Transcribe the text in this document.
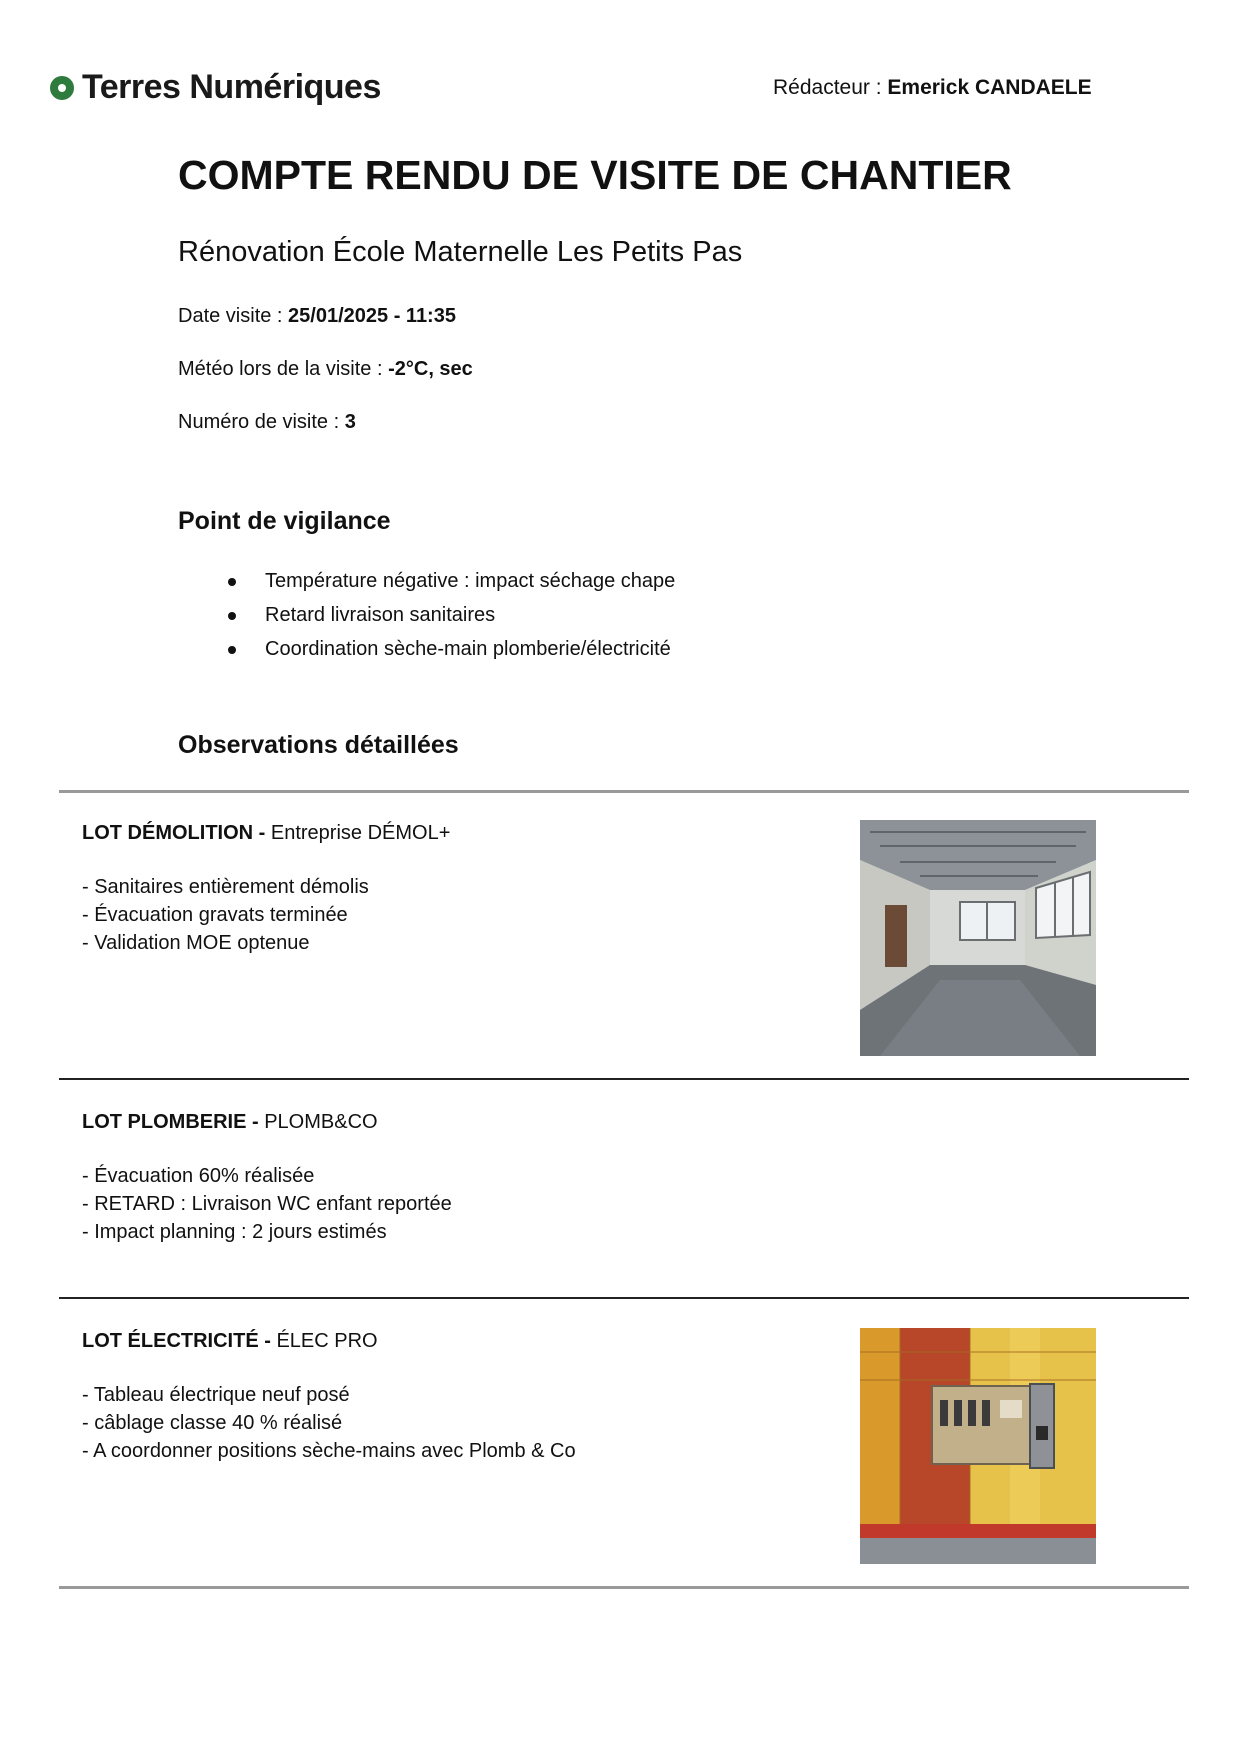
Terres Numériques	Rédacteur : Emerick CANDAELE
COMPTE RENDU DE VISITE DE CHANTIER
Rénovation École Maternelle Les Petits Pas

Date visite : 25/01/2025 - 11:35

Météo lors de la visite : -2°C, sec

Numéro de visite : 3

Point de vigilance
Température négative : impact séchage chape
Retard livraison sanitaires
Coordination sèche-main plomberie/électricité
Observations détaillées

LOT DÉMOLITION - Entreprise DÉMOL+

- Sanitaires entièrement démolis

- Évacuation gravats terminée

- Validation MOE optenue

LOT PLOMBERIE - PLOMB&CO

- Évacuation 60% réalisée

- RETARD : Livraison WC enfant reportée

- Impact planning : 2 jours estimés

LOT ÉLECTRICITÉ - ÉLEC PRO

- Tableau électrique neuf posé

- câblage classe 40 % réalisé

- A coordonner positions sèche-mains avec Plomb & Co
